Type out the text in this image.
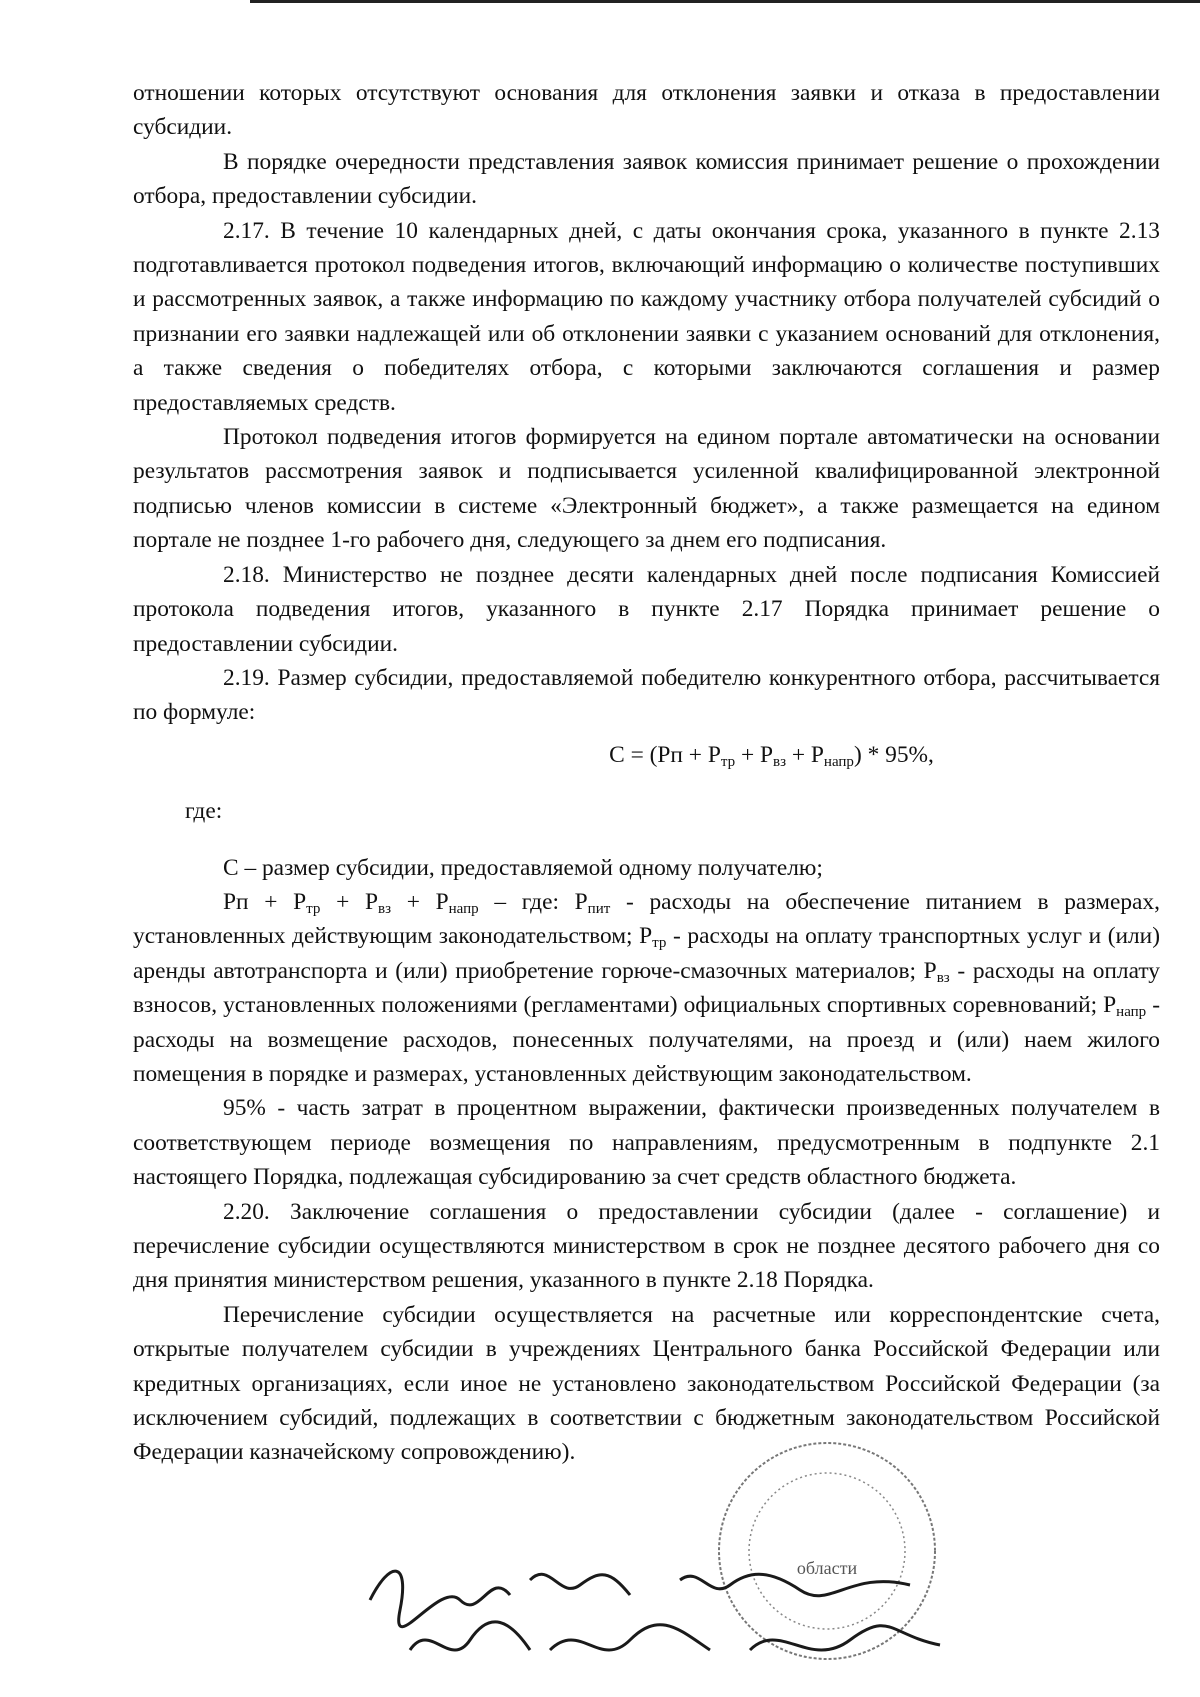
отношении которых отсутствуют основания для отклонения заявки и отказа в предоставлении субсидии.

В порядке очередности представления заявок комиссия принимает решение о прохождении отбора, предоставлении субсидии.

2.17. В течение 10 календарных дней, с даты окончания срока, указанного в пункте 2.13 подготавливается протокол подведения итогов, включающий информацию о количестве поступивших и рассмотренных заявок, а также информацию по каждому участнику отбора получателей субсидий о признании его заявки надлежащей или об отклонении заявки с указанием оснований для отклонения, а также сведения о победителях отбора, с которыми заключаются соглашения и размер предоставляемых средств.

Протокол подведения итогов формируется на едином портале автоматически на основании результатов рассмотрения заявок и подписывается усиленной квалифицированной электронной подписью членов комиссии в системе «Электронный бюджет», а также размещается на едином портале не позднее 1-го рабочего дня, следующего за днем его подписания.

2.18. Министерство не позднее десяти календарных дней после подписания Комиссией протокола подведения итогов, указанного в пункте 2.17 Порядка принимает решение о предоставлении субсидии.

2.19. Размер субсидии, предоставляемой победителю конкурентного отбора, рассчитывается по формуле:

$С = (Рп + Р_{тр} + Р_{вз} + Р_{напр}) * 95\%$,

где:

С – размер субсидии, предоставляемой одному получателю;

Рп + $Р_{тр} + Р_{вз} + Р_{напр}$ – где: $Р_{пит}$ - расходы на обеспечение питанием в размерах, установленных действующим законодательством; $Р_{тр}$ - расходы на оплату транспортных услуг и (или) аренды автотранспорта и (или) приобретение горюче-смазочных материалов; $Р_{вз}$ - расходы на оплату взносов, установленных положениями (регламентами) официальных спортивных соревнований; $Р_{напр}$ - расходы на возмещение расходов, понесенных получателями, на проезд и (или) наем жилого помещения в порядке и размерах, установленных действующим законодательством.

95% - часть затрат в процентном выражении, фактически произведенных получателем в соответствующем периоде возмещения по направлениям, предусмотренным в подпункте 2.1 настоящего Порядка, подлежащая субсидированию за счет средств областного бюджета.

2.20. Заключение соглашения о предоставлении субсидии (далее - соглашение) и перечисление субсидии осуществляются министерством в срок не позднее десятого рабочего дня со дня принятия министерством решения, указанного в пункте 2.18 Порядка.

Перечисление субсидии осуществляется на расчетные или корреспондентские счета, открытые получателем субсидии в учреждениях Центрального банка Российской Федерации или кредитных организациях, если иное не установлено законодательством Российской Федерации (за исключением субсидий, подлежащих в соответствии с бюджетным законодательством Российской Федерации казначейскому сопровождению).

области
